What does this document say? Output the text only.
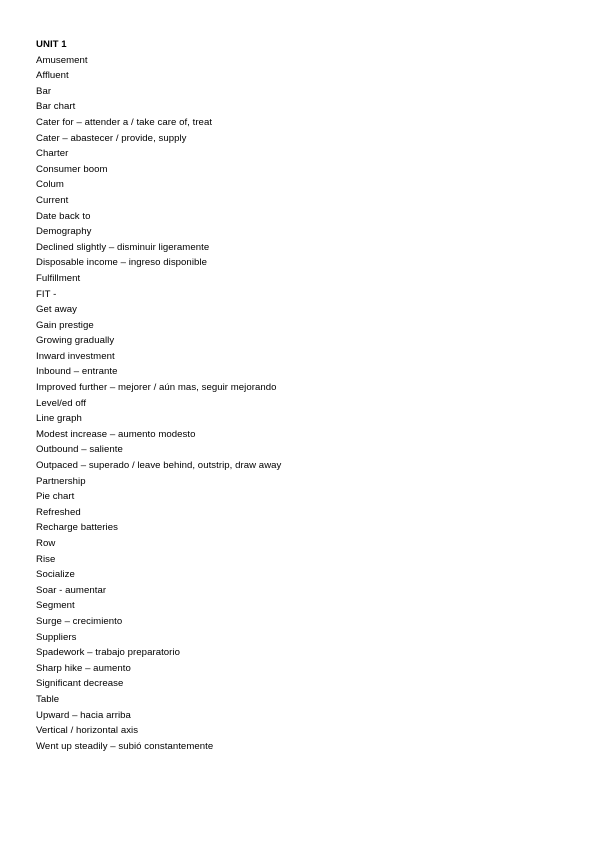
UNIT 1
Amusement
Affluent
Bar
Bar chart
Cater for – attender a / take care of, treat
Cater – abastecer / provide, supply
Charter
Consumer boom
Colum
Current
Date back to
Demography
Declined slightly – disminuir ligeramente
Disposable income – ingreso disponible
Fulfillment
FIT -
Get away
Gain prestige
Growing gradually
Inward investment
Inbound – entrante
Improved further – mejorer / aún mas, seguir mejorando
Level/ed off
Line graph
Modest increase – aumento modesto
Outbound – saliente
Outpaced – superado / leave behind, outstrip, draw away
Partnership
Pie chart
Refreshed
Recharge batteries
Row
Rise
Socialize
Soar - aumentar
Segment
Surge – crecimiento
Suppliers
Spadework – trabajo preparatorio
Sharp hike – aumento
Significant decrease
Table
Upward – hacia arriba
Vertical / horizontal axis
Went up steadily – subió constantemente
